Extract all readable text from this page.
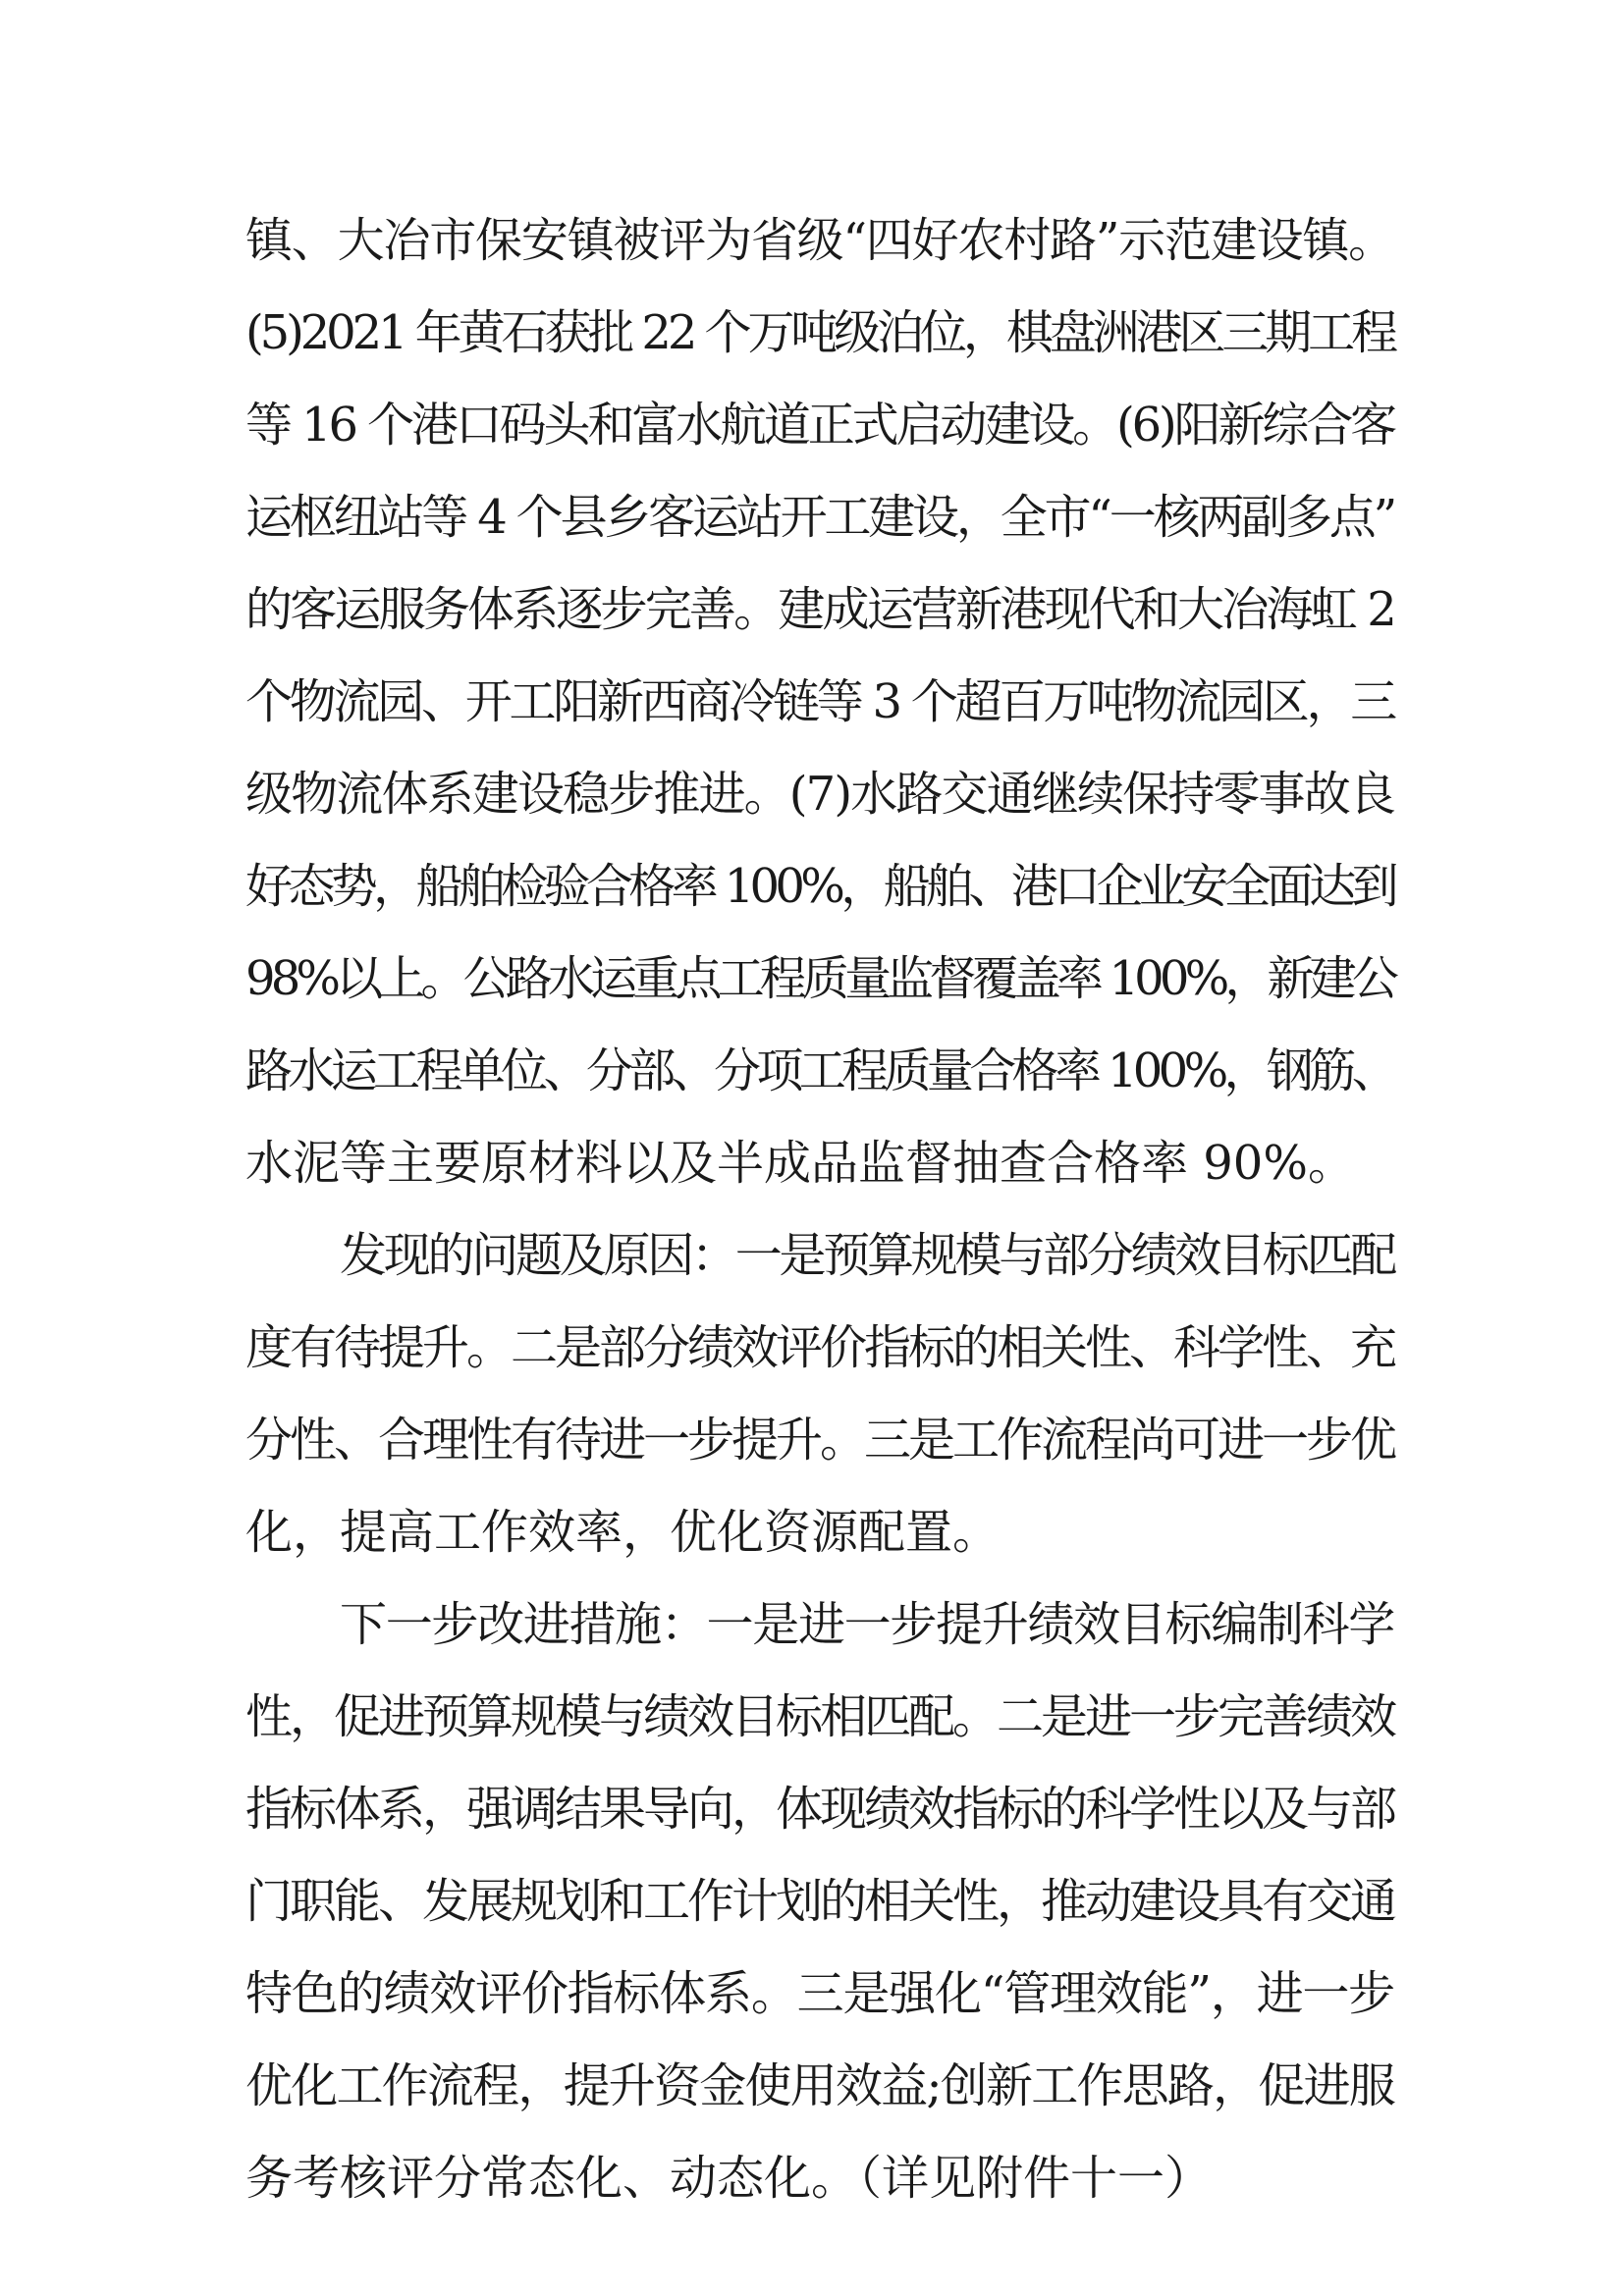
镇、大冶市保安镇被评为省级“四好农村路”示范建设镇。
(5)2021 年黄石获批 22 个万吨级泊位，棋盘洲港区三期工程
等 16 个港口码头和富水航道正式启动建设。(6)阳新综合客
运枢纽站等 4 个县乡客运站开工建设，全市“一核两副多点”
的客运服务体系逐步完善。建成运营新港现代和大冶海虹 2
个物流园、开工阳新西商冷链等 3 个超百万吨物流园区，三
级物流体系建设稳步推进。(7)水路交通继续保持零事故良
好态势，船舶检验合格率 100%，船舶、港口企业安全面达到
98%以上。公路水运重点工程质量监督覆盖率 100%，新建公
路水运工程单位、分部、分项工程质量合格率 100%，钢筋、
水泥等主要原材料以及半成品监督抽查合格率 90%。
发现的问题及原因：一是预算规模与部分绩效目标匹配
度有待提升。二是部分绩效评价指标的相关性、科学性、充
分性、合理性有待进一步提升。三是工作流程尚可进一步优
化，提高工作效率，优化资源配置。
下一步改进措施：一是进一步提升绩效目标编制科学
性，促进预算规模与绩效目标相匹配。二是进一步完善绩效
指标体系，强调结果导向，体现绩效指标的科学性以及与部
门职能、发展规划和工作计划的相关性，推动建设具有交通
特色的绩效评价指标体系。三是强化“管理效能”，进一步
优化工作流程，提升资金使用效益;创新工作思路，促进服
务考核评分常态化、动态化。（详见附件十一）
